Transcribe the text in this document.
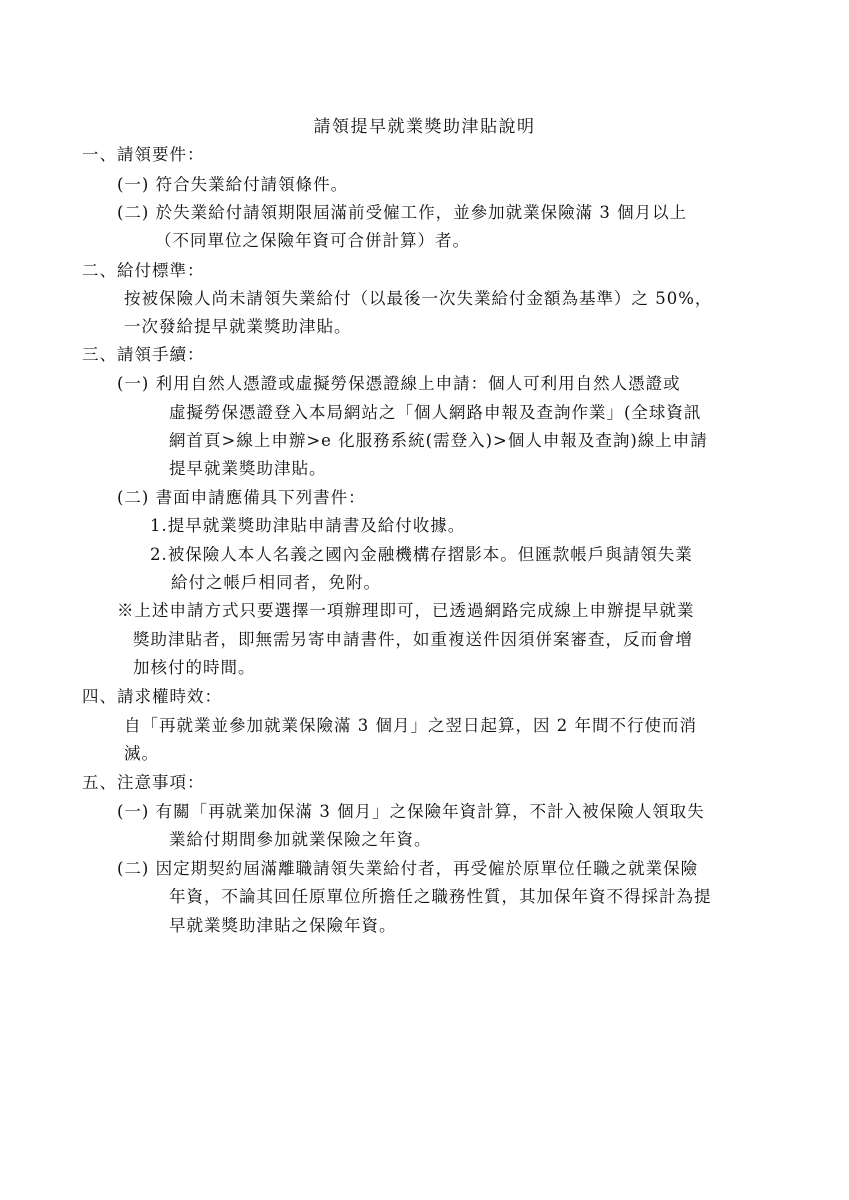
請領提早就業獎助津貼說明
一、請領要件：
(一) 符合失業給付請領條件。
(二) 於失業給付請領期限屆滿前受僱工作，並參加就業保險滿 3 個月以上
（不同單位之保險年資可合併計算）者。
二、給付標準：
按被保險人尚未請領失業給付（以最後一次失業給付金額為基準）之 50%，
一次發給提早就業獎助津貼。
三、請領手續：
(一) 利用自然人憑證或虛擬勞保憑證線上申請：個人可利用自然人憑證或
虛擬勞保憑證登入本局網站之「個人網路申報及查詢作業」(全球資訊
網首頁>線上申辦>e 化服務系統(需登入)>個人申報及查詢)線上申請
提早就業獎助津貼。
(二) 書面申請應備具下列書件：
1.提早就業獎助津貼申請書及給付收據。
2.被保險人本人名義之國內金融機構存摺影本。但匯款帳戶與請領失業
給付之帳戶相同者，免附。
※上述申請方式只要選擇一項辦理即可，已透過網路完成線上申辦提早就業
獎助津貼者，即無需另寄申請書件，如重複送件因須併案審查，反而會增
加核付的時間。
四、請求權時效：
自「再就業並參加就業保險滿 3 個月」之翌日起算，因 2 年間不行使而消
滅。
五、注意事項：
(一) 有關「再就業加保滿 3 個月」之保險年資計算，不計入被保險人領取失
業給付期間參加就業保險之年資。
(二) 因定期契約屆滿離職請領失業給付者，再受僱於原單位任職之就業保險
年資，不論其回任原單位所擔任之職務性質，其加保年資不得採計為提
早就業獎助津貼之保險年資。
